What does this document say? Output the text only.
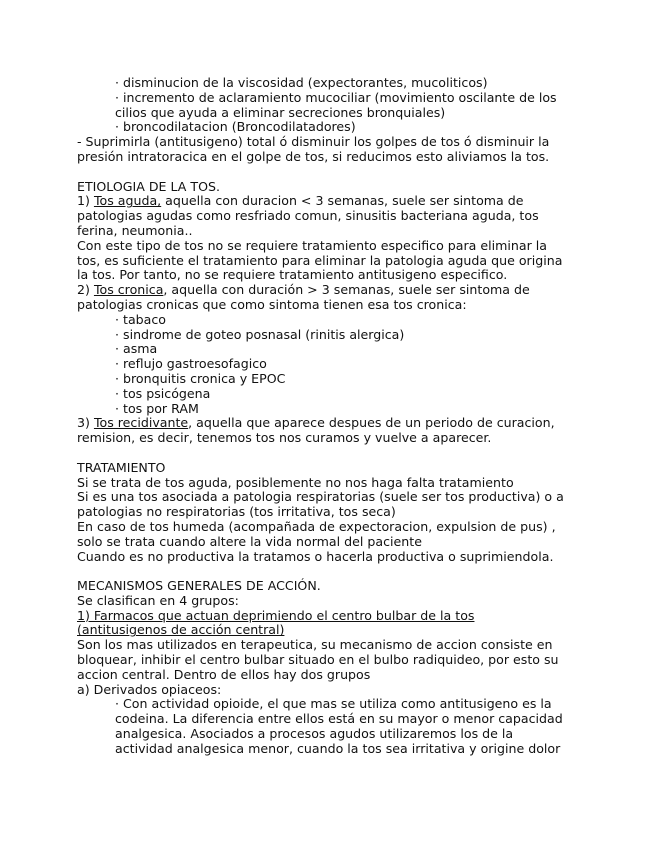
· disminucion de la viscosidad (expectorantes, mucoliticos)
· incremento de aclaramiento mucociliar (movimiento oscilante de los
cilios que ayuda a eliminar secreciones bronquiales)
· broncodilatacion (Broncodilatadores)
- Suprimirla (antitusigeno) total ó disminuir los golpes de tos ó disminuir la
presión intratoracica en el golpe de tos, si reducimos esto aliviamos la tos.
ETIOLOGIA DE LA TOS.
1) Tos aguda, aquella con duracion < 3 semanas, suele ser sintoma de
patologias agudas como resfriado comun, sinusitis bacteriana aguda, tos
ferina, neumonia..
Con este tipo de tos no se requiere tratamiento especifico para eliminar la
tos, es suficiente el tratamiento para eliminar la patologia aguda que origina
la tos. Por tanto, no se requiere tratamiento antitusigeno especifico.
2) Tos cronica, aquella con duración > 3 semanas, suele ser sintoma de
patologias cronicas que como sintoma tienen esa tos cronica:
· tabaco
· sindrome de goteo posnasal (rinitis alergica)
· asma
· reflujo gastroesofagico
· bronquitis cronica y EPOC
· tos psicógena
· tos por RAM
3) Tos recidivante, aquella que aparece despues de un periodo de curacion,
remision, es decir, tenemos tos nos curamos y vuelve a aparecer.
TRATAMIENTO
Si se trata de tos aguda, posiblemente no nos haga falta tratamiento
Si es una tos asociada a patologia respiratorias (suele ser tos productiva) o a
patologias no respiratorias (tos irritativa, tos seca)
En caso de tos humeda (acompañada de expectoracion, expulsion de pus) ,
solo se trata cuando altere la vida normal del paciente
Cuando es no productiva la tratamos o hacerla productiva o suprimiendola.
MECANISMOS GENERALES DE ACCIÓN.
Se clasifican en 4 grupos:
1) Farmacos que actuan deprimiendo el centro bulbar de la tos
(antitusigenos de acción central)
Son los mas utilizados en terapeutica, su mecanismo de accion consiste en
bloquear, inhibir el centro bulbar situado en el bulbo radiquideo, por esto su
accion central. Dentro de ellos hay dos grupos
a) Derivados opiaceos:
· Con actividad opioide, el que mas se utiliza como antitusigeno es la
codeina. La diferencia entre ellos está en su mayor o menor capacidad
analgesica. Asociados a procesos agudos utilizaremos los de la
actividad analgesica menor, cuando la tos sea irritativa y origine dolor
